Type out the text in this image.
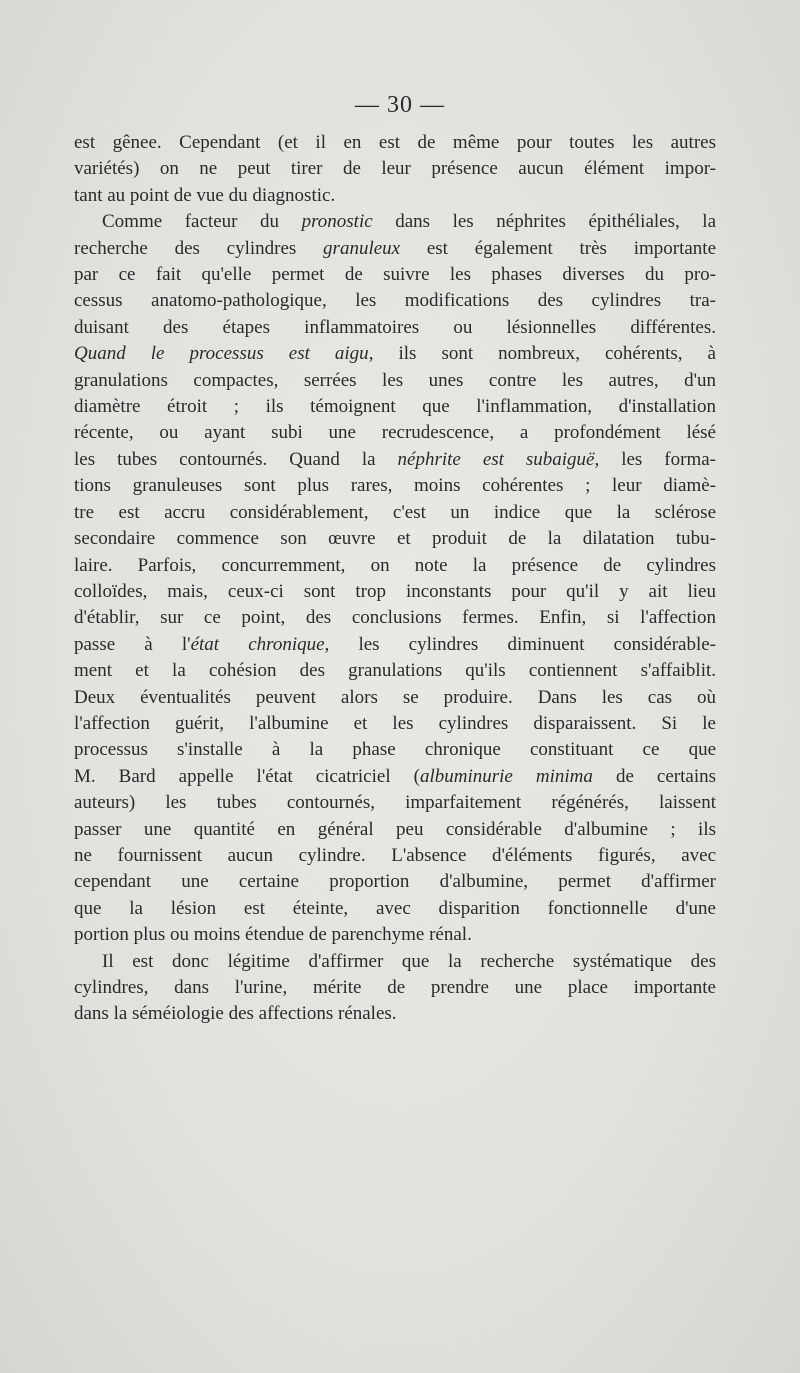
— 30 —
est gênee. Cependant (et il en est de même pour toutes les autres
variétés) on ne peut tirer de leur présence aucun élément impor-
tant au point de vue du diagnostic.
Comme facteur du pronostic dans les néphrites épithéliales, la
recherche des cylindres granuleux est également très importante
par ce fait qu'elle permet de suivre les phases diverses du pro-
cessus anatomo-pathologique, les modifications des cylindres tra-
duisant des étapes inflammatoires ou lésionnelles différentes.
Quand le processus est aigu, ils sont nombreux, cohérents, à
granulations compactes, serrées les unes contre les autres, d'un
diamètre étroit ; ils témoignent que l'inflammation, d'installation
récente, ou ayant subi une recrudescence, a profondément lésé
les tubes contournés. Quand la néphrite est subaiguë, les forma-
tions granuleuses sont plus rares, moins cohérentes ; leur diamè-
tre est accru considérablement, c'est un indice que la sclérose
secondaire commence son œuvre et produit de la dilatation tubu-
laire. Parfois, concurremment, on note la présence de cylindres
colloïdes, mais, ceux-ci sont trop inconstants pour qu'il y ait lieu
d'établir, sur ce point, des conclusions fermes. Enfin, si l'affection
passe à l'état chronique, les cylindres diminuent considérable-
ment et la cohésion des granulations qu'ils contiennent s'affaiblit.
Deux éventualités peuvent alors se produire. Dans les cas où
l'affection guérit, l'albumine et les cylindres disparaissent. Si le
processus s'installe à la phase chronique constituant ce que
M. Bard appelle l'état cicatriciel (albuminurie minima de certains
auteurs) les tubes contournés, imparfaitement régénérés, laissent
passer une quantité en général peu considérable d'albumine ; ils
ne fournissent aucun cylindre. L'absence d'éléments figurés, avec
cependant une certaine proportion d'albumine, permet d'affirmer
que la lésion est éteinte, avec disparition fonctionnelle d'une
portion plus ou moins étendue de parenchyme rénal.
Il est donc légitime d'affirmer que la recherche systématique des
cylindres, dans l'urine, mérite de prendre une place importante
dans la séméiologie des affections rénales.
